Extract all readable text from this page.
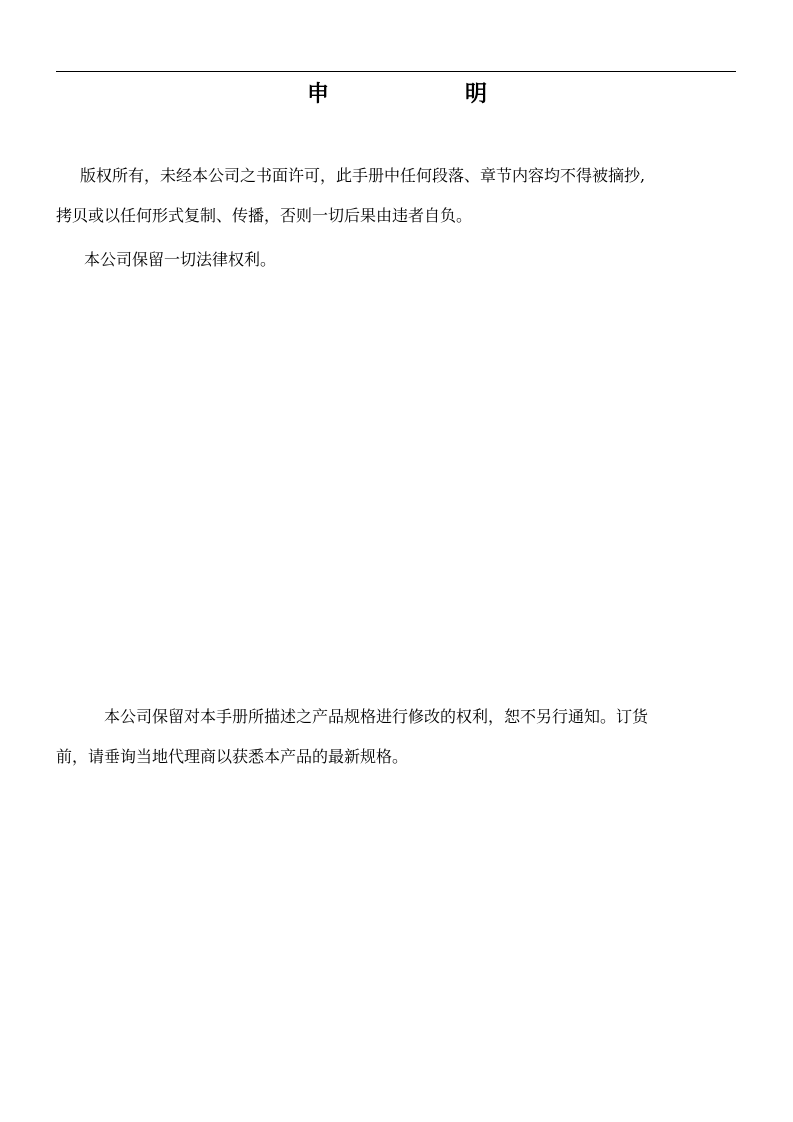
申	明
版权所有，未经本公司之书面许可，此手册中任何段落、章节内容均不得被摘抄,
拷贝或以任何形式复制、传播，否则一切后果由违者自负。
本公司保留一切法律权利。
本公司保留对本手册所描述之产品规格进行修改的权利，恕不另行通知。订货
前，请垂询当地代理商以获悉本产品的最新规格。
